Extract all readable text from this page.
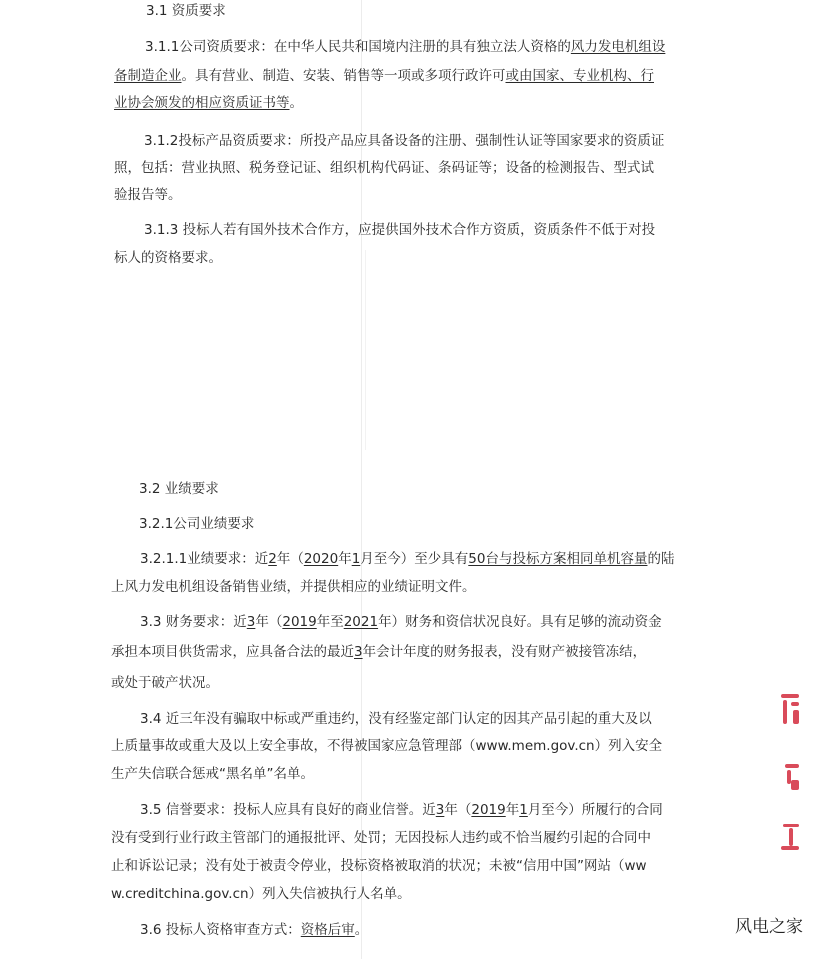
3.1 资质要求
3.1.1公司资质要求：在中华人民共和国境内注册的具有独立法人资格的风力发电机组设
备制造企业。具有营业、制造、安装、销售等一项或多项行政许可或由国家、专业机构、行
业协会颁发的相应资质证书等。
3.1.2投标产品资质要求：所投产品应具备设备的注册、强制性认证等国家要求的资质证
照，包括：营业执照、税务登记证、组织机构代码证、条码证等；设备的检测报告、型式试
验报告等。
3.1.3 投标人若有国外技术合作方，应提供国外技术合作方资质，资质条件不低于对投
标人的资格要求。
3.2 业绩要求
3.2.1公司业绩要求
3.2.1.1业绩要求：近2年（2020年1月至今）至少具有50台与投标方案相同单机容量的陆
上风力发电机组设备销售业绩，并提供相应的业绩证明文件。
3.3 财务要求：近3年（2019年至2021年）财务和资信状况良好。具有足够的流动资金
承担本项目供货需求，应具备合法的最近3年会计年度的财务报表，没有财产被接管冻结，
或处于破产状况。
3.4 近三年没有骗取中标或严重违约，没有经鉴定部门认定的因其产品引起的重大及以
上质量事故或重大及以上安全事故，不得被国家应急管理部（www.mem.gov.cn）列入安全
生产失信联合惩戒“黑名单”名单。
3.5 信誉要求：投标人应具有良好的商业信誉。近3年（2019年1月至今）所履行的合同
没有受到行业行政主管部门的通报批评、处罚；无因投标人违约或不恰当履约引起的合同中
止和诉讼记录；没有处于被责令停业，投标资格被取消的状况；未被“信用中国”网站（ww
w.creditchina.gov.cn）列入失信被执行人名单。
3.6 投标人资格审查方式：资格后审。	风电之家
